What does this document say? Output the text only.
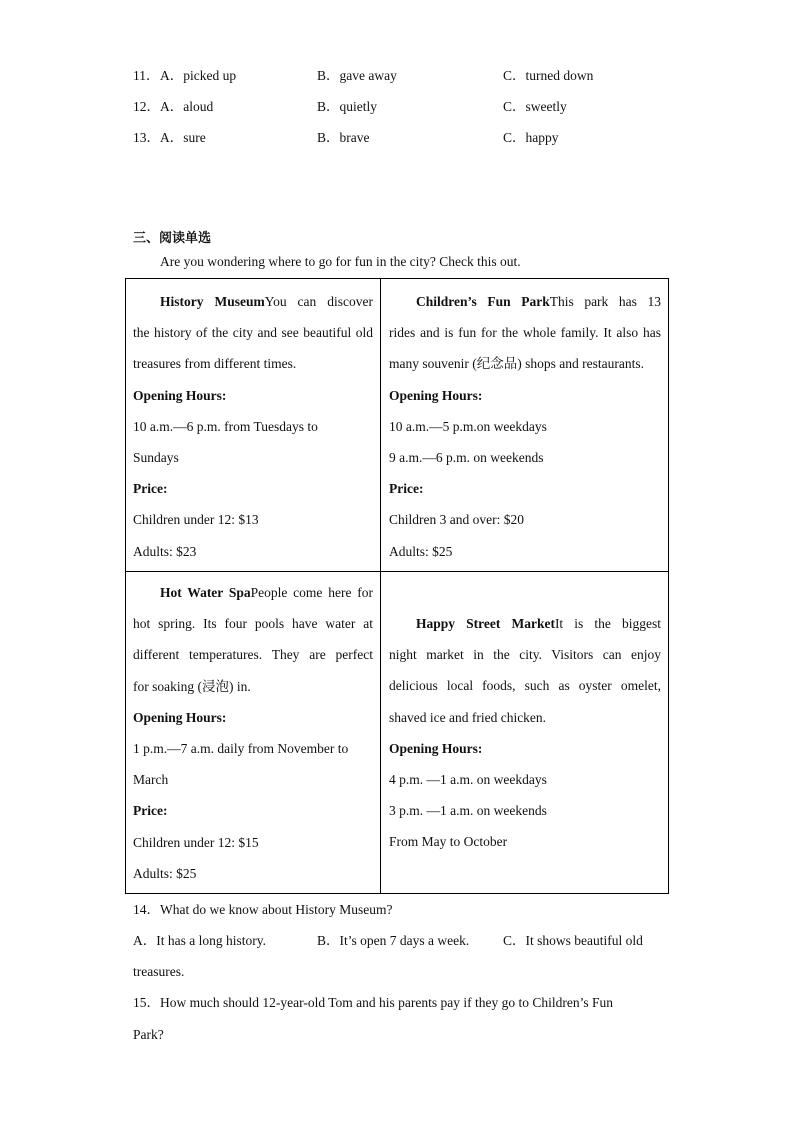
11． A．picked up	B．gave away	C．turned down
12． A．aloud	B．quietly	C．sweetly
13． A．sure	B．brave	C．happy
三、阅读单选
Are you wondering where to go for fun in the city? Check this out.
History MuseumYou can discover
the history of the city and see beautiful old
treasures from different times.
Opening Hours:
10 a.m.—6 p.m. from Tuesdays to
Sundays
Price:
Children under 12: $13
Adults: $23
Children’s Fun ParkThis park has 13
rides and is fun for the whole family. It also has
many souvenir (纪念品) shops and restaurants.
Opening Hours:
10 a.m.—5 p.m.on weekdays
9 a.m.—6 p.m. on weekends
Price:
Children 3 and over: $20
Adults: $25
Hot Water SpaPeople come here for
hot spring. Its four pools have water at
different temperatures. They are perfect
for soaking (浸泡) in.
Opening Hours:
1 p.m.—7 a.m. daily from November to
March
Price:
Children under 12: $15
Adults: $25
Happy Street MarketIt is the biggest
night market in the city. Visitors can enjoy
delicious local foods, such as oyster omelet,
shaved ice and fried chicken.
Opening Hours:
4 p.m. —1 a.m. on weekdays
3 p.m. —1 a.m. on weekends
From May to October
14．What do we know about History Museum?
A．It has a long history.	B．It’s open 7 days a week.	C．It shows beautiful old
treasures.
15．How much should 12-year-old Tom and his parents pay if they go to Children’s Fun
Park?
